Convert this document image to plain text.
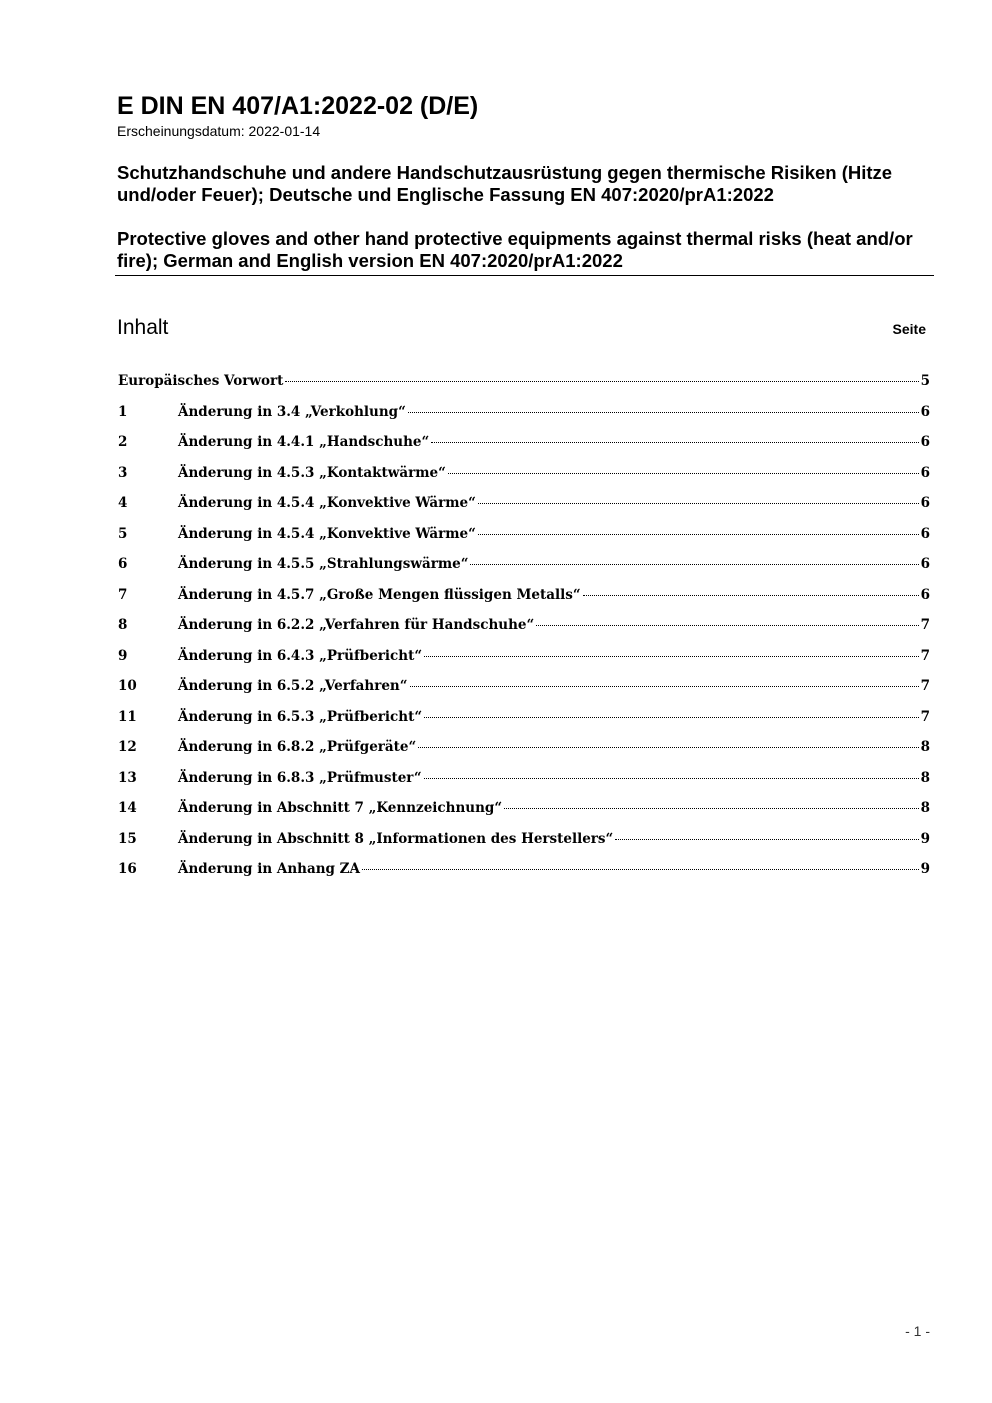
E DIN EN 407/A1:2022-02 (D/E)
Erscheinungsdatum: 2022-01-14
Schutzhandschuhe und andere Handschutzausrüstung gegen thermische Risiken (Hitze und/oder Feuer); Deutsche und Englische Fassung EN 407:2020/prA1:2022
Protective gloves and other hand protective equipments against thermal risks (heat and/or fire); German and English version EN 407:2020/prA1:2022
Inhalt	Seite
Europäisches Vorwort	5
1	Änderung in 3.4 „Verkohlung“	6
2	Änderung in 4.4.1 „Handschuhe“	6
3	Änderung in 4.5.3 „Kontaktwärme“	6
4	Änderung in 4.5.4 „Konvektive Wärme“	6
5	Änderung in 4.5.4 „Konvektive Wärme“	6
6	Änderung in 4.5.5 „Strahlungswärme“	6
7	Änderung in 4.5.7 „Große Mengen flüssigen Metalls“	6
8	Änderung in 6.2.2 „Verfahren für Handschuhe“	7
9	Änderung in 6.4.3 „Prüfbericht“	7
10	Änderung in 6.5.2 „Verfahren“	7
11	Änderung in 6.5.3 „Prüfbericht“	7
12	Änderung in 6.8.2 „Prüfgeräte“	8
13	Änderung in 6.8.3 „Prüfmuster“	8
14	Änderung in Abschnitt 7 „Kennzeichnung“	8
15	Änderung in Abschnitt 8 „Informationen des Herstellers“	9
16	Änderung in Anhang ZA	9
- 1 -
